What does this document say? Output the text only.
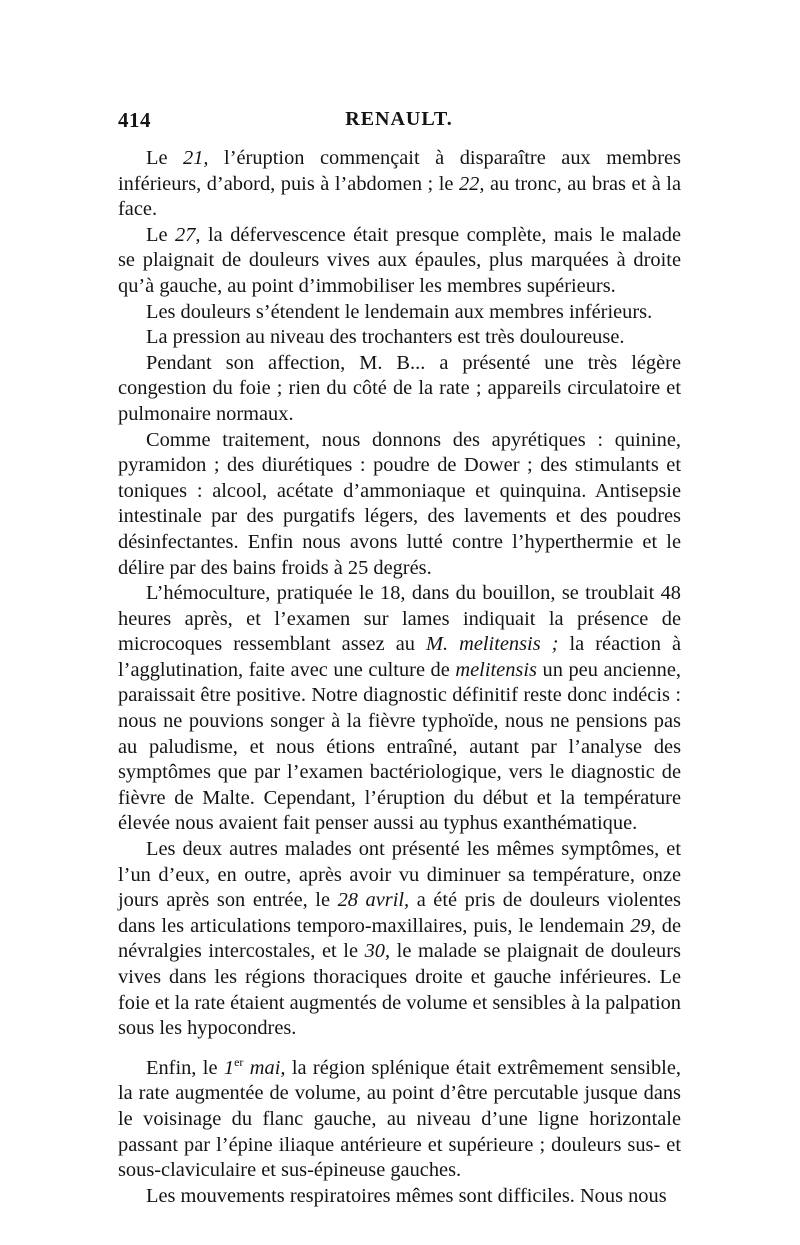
414	RENAULT.

Le 21, l’éruption commençait à disparaître aux membres inférieurs, d’abord, puis à l’abdomen ; le 22, au tronc, au bras et à la face.

Le 27, la défervescence était presque complète, mais le malade se plaignait de douleurs vives aux épaules, plus marquées à droite qu’à gauche, au point d’immobiliser les membres supérieurs.

Les douleurs s’étendent le lendemain aux membres inférieurs.

La pression au niveau des trochanters est très douloureuse.

Pendant son affection, M. B... a présenté une très légère congestion du foie ; rien du côté de la rate ; appareils circulatoire et pulmonaire normaux.

Comme traitement, nous donnons des apyrétiques : quinine, pyramidon ; des diurétiques : poudre de Dower ; des stimulants et toniques : alcool, acétate d’ammoniaque et quinquina. Antisepsie intestinale par des purgatifs légers, des lavements et des poudres désinfectantes. Enfin nous avons lutté contre l’hyperthermie et le délire par des bains froids à 25 degrés.

L’hémoculture, pratiquée le 18, dans du bouillon, se troublait 48 heures après, et l’examen sur lames indiquait la présence de microcoques ressemblant assez au M. melitensis ; la réaction à l’agglutination, faite avec une culture de melitensis un peu ancienne, paraissait être positive. Notre diagnostic définitif reste donc indécis : nous ne pouvions songer à la fièvre typhoïde, nous ne pensions pas au paludisme, et nous étions entraîné, autant par l’analyse des symptômes que par l’examen bactériologique, vers le diagnostic de fièvre de Malte. Cependant, l’éruption du début et la température élevée nous avaient fait penser aussi au typhus exanthématique.

Les deux autres malades ont présenté les mêmes symptômes, et l’un d’eux, en outre, après avoir vu diminuer sa température, onze jours après son entrée, le 28 avril, a été pris de douleurs violentes dans les articulations temporo-maxillaires, puis, le lendemain 29, de névralgies intercostales, et le 30, le malade se plaignait de douleurs vives dans les régions thoraciques droite et gauche inférieures. Le foie et la rate étaient augmentés de volume et sensibles à la palpation sous les hypocondres.

Enfin, le 1er mai, la région splénique était extrêmement sensible, la rate augmentée de volume, au point d’être percutable jusque dans le voisinage du flanc gauche, au niveau d’une ligne horizontale passant par l’épine iliaque antérieure et supérieure ; douleurs sus- et sous-claviculaire et sus-épineuse gauches.

Les mouvements respiratoires mêmes sont difficiles. Nous nous
